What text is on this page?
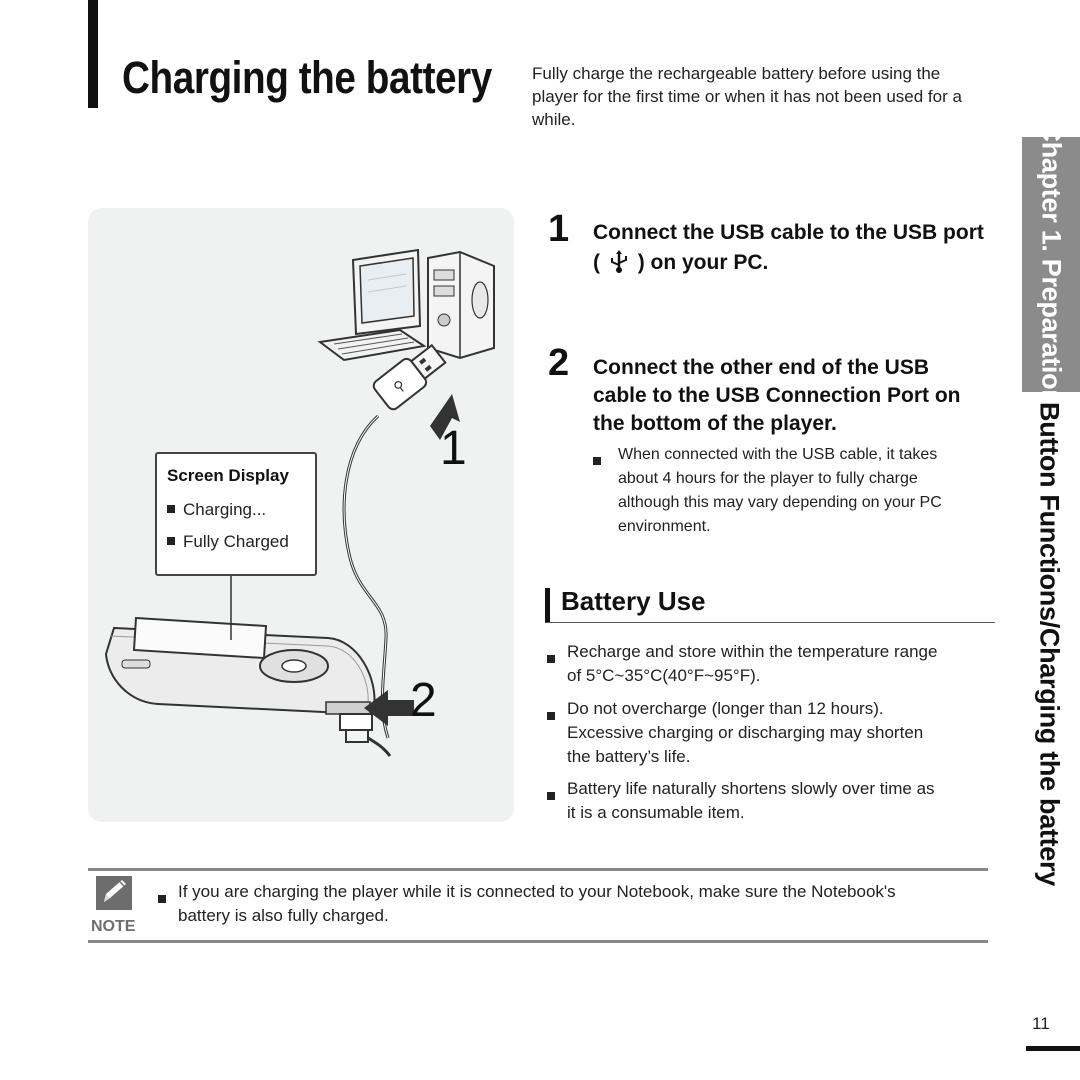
Charging the battery Fully charge the rechargeable battery before using the player for the first time or when it has not been used for a while.
⚲
1
2
Screen Display
Charging...
Fully Charged
1 Connect the USB cable to the USB port
( ) on your PC.
2 Connect the other end of the USB
cable to the USB Connection Port on
the bottom of the player.
When connected with the USB cable, it takes
about 4 hours for the player to fully charge
although this may vary depending on your PC
environment.
Battery Use
Recharge and store within the temperature range
of 5°C~35°C(40°F~95°F).
Do not overcharge (longer than 12 hours).
Excessive charging or discharging may shorten
the battery’s life.
Battery life naturally shortens slowly over time as
it is a consumable item.
Chapter 1. Preparation
Button Functions/Charging the battery
NOTE
If you are charging the player while it is connected to your Notebook, make sure the Notebook's
battery is also fully charged.
11
